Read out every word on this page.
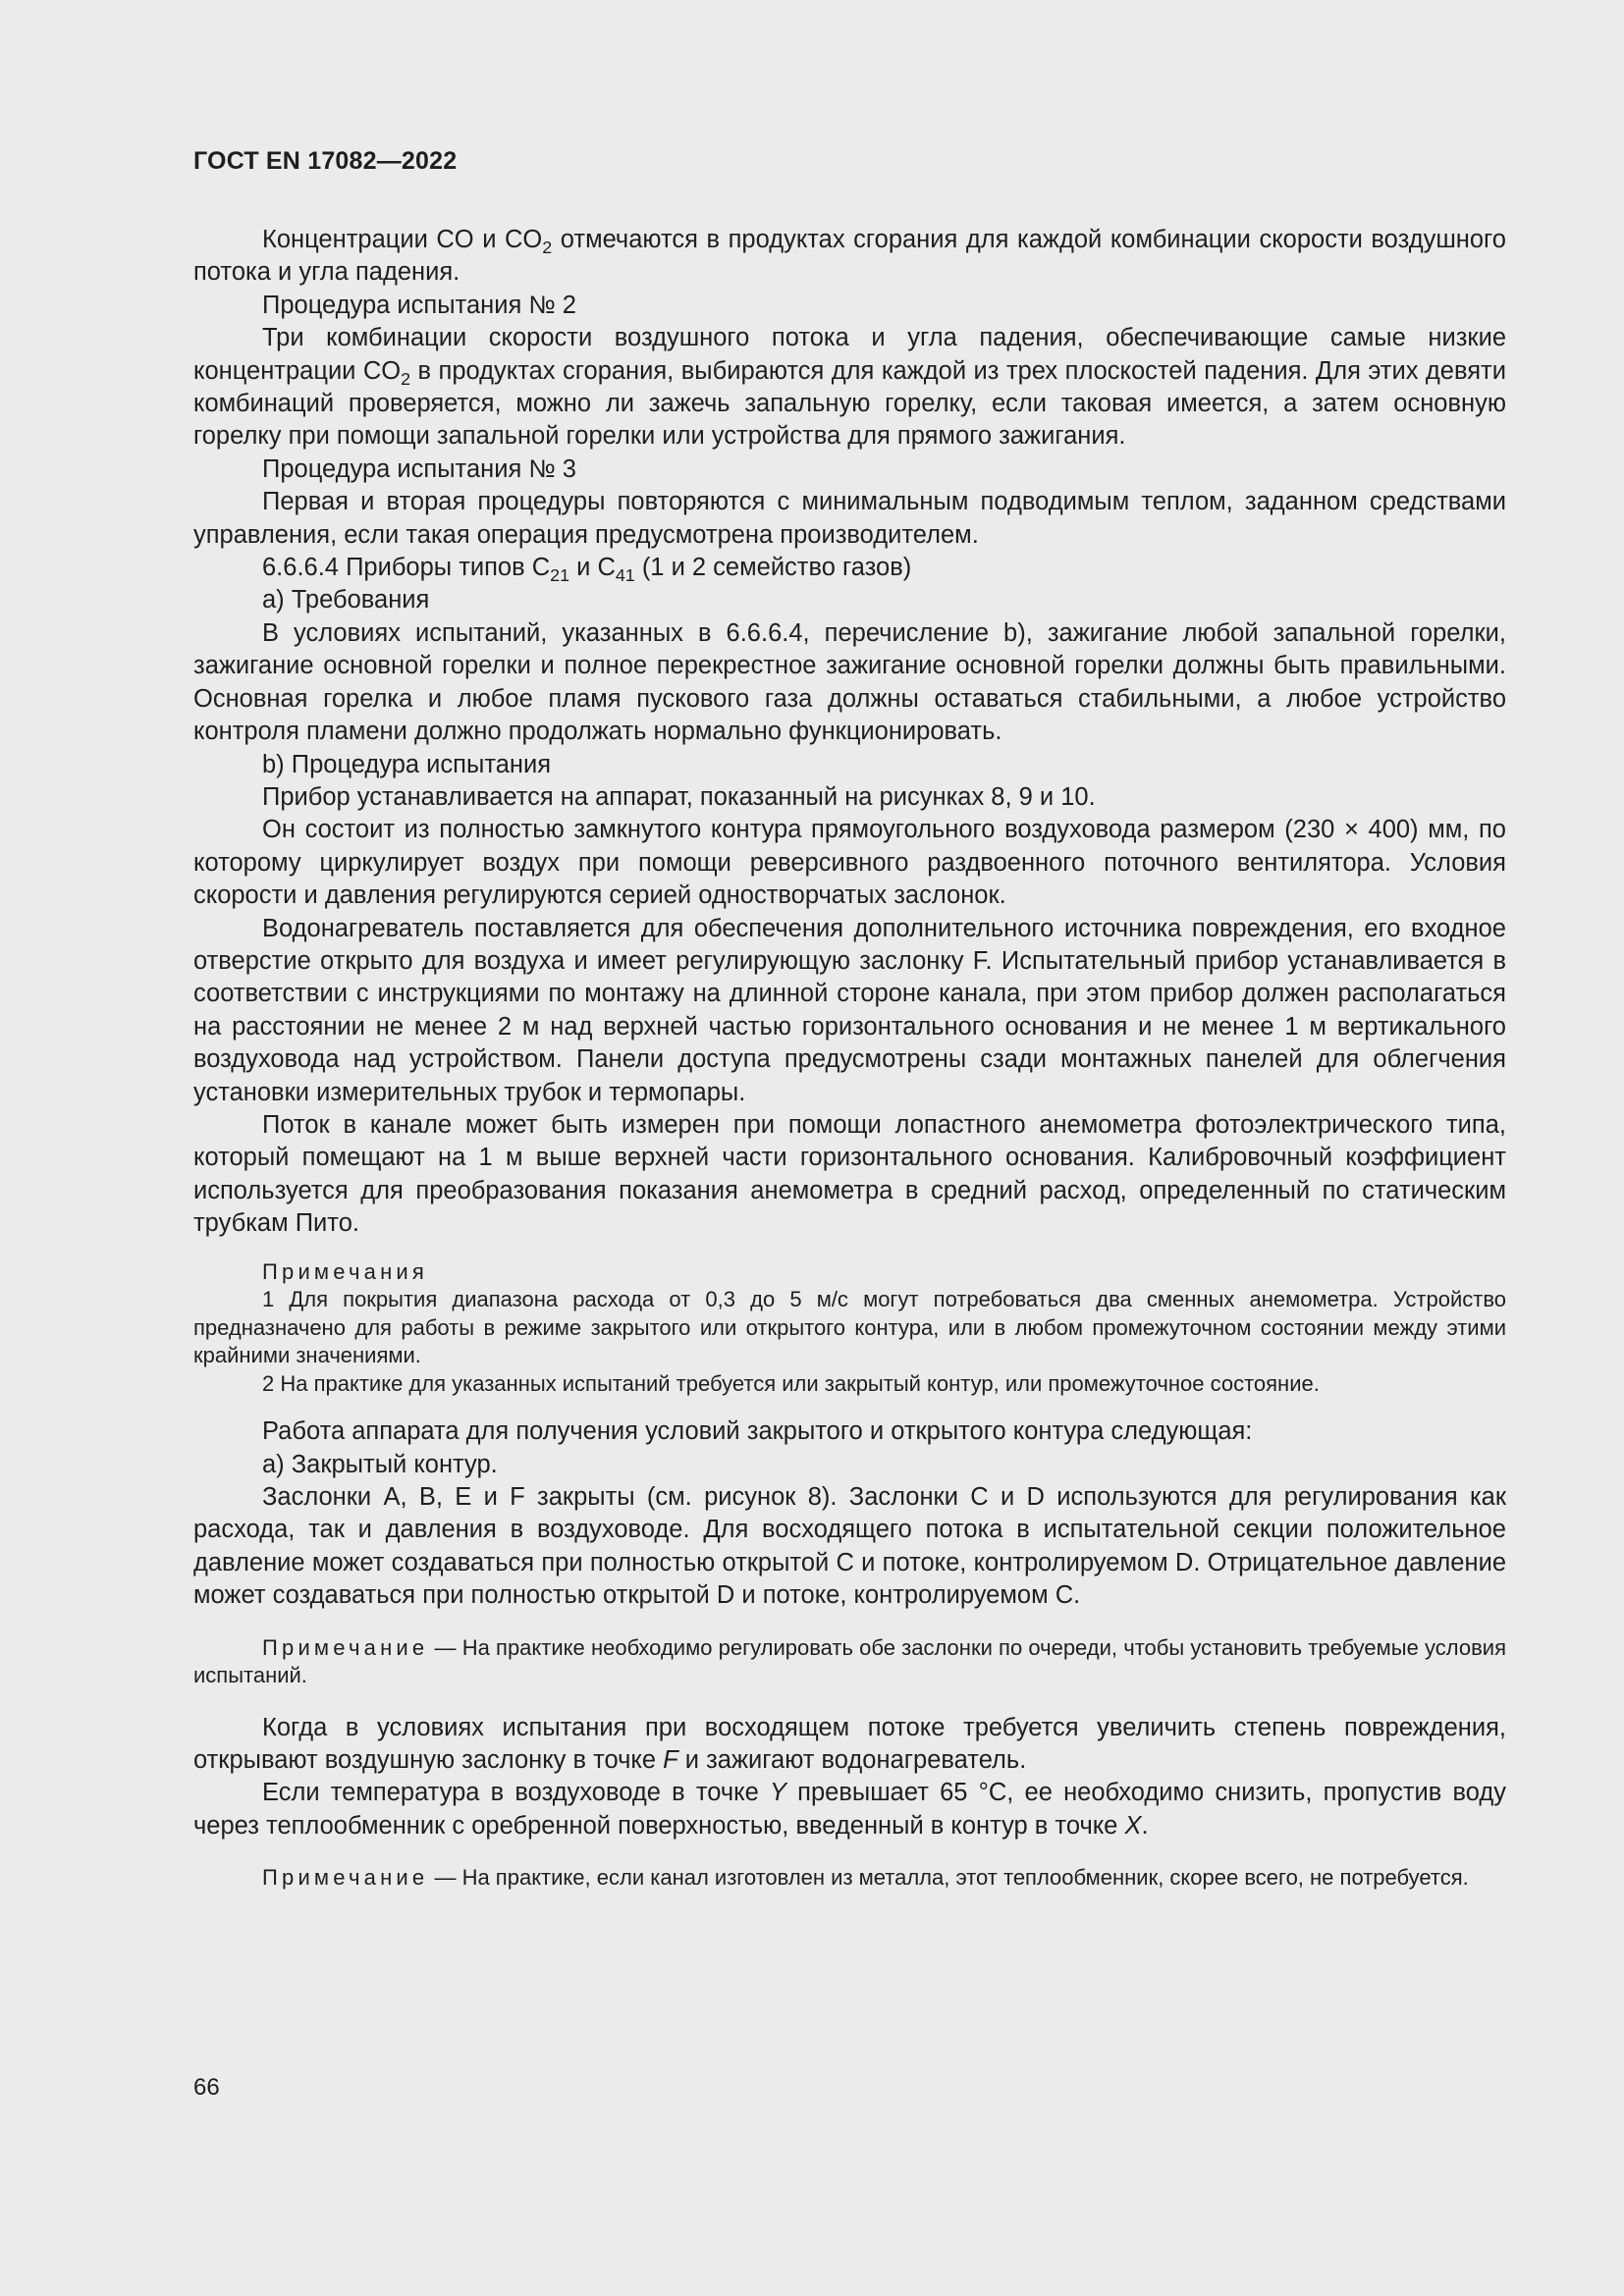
ГОСТ EN 17082—2022

Концентрации CO и $CO_2$ отмечаются в продуктах сгорания для каждой комбинации скорости воздушного потока и угла падения.

Процедура испытания № 2

Три комбинации скорости воздушного потока и угла падения, обеспечивающие самые низкие концентрации $CO_2$ в продуктах сгорания, выбираются для каждой из трех плоскостей падения. Для этих девяти комбинаций проверяется, можно ли зажечь запальную горелку, если таковая имеется, а затем основную горелку при помощи запальной горелки или устройства для прямого зажигания.

Процедура испытания № 3

Первая и вторая процедуры повторяются с минимальным подводимым теплом, заданном средствами управления, если такая операция предусмотрена производителем.

6.6.6.4 Приборы типов $C_{21}$ и $C_{41}$ (1 и 2 семейство газов)

а) Требования

В условиях испытаний, указанных в 6.6.6.4, перечисление b), зажигание любой запальной горелки, зажигание основной горелки и полное перекрестное зажигание основной горелки должны быть правильными. Основная горелка и любое пламя пускового газа должны оставаться стабильными, а любое устройство контроля пламени должно продолжать нормально функционировать.

b) Процедура испытания

Прибор устанавливается на аппарат, показанный на рисунках 8, 9 и 10.

Он состоит из полностью замкнутого контура прямоугольного воздуховода размером (230 × 400) мм, по которому циркулирует воздух при помощи реверсивного раздвоенного поточного вентилятора. Условия скорости и давления регулируются серией одностворчатых заслонок.

Водонагреватель поставляется для обеспечения дополнительного источника повреждения, его входное отверстие открыто для воздуха и имеет регулирующую заслонку F. Испытательный прибор устанавливается в соответствии с инструкциями по монтажу на длинной стороне канала, при этом прибор должен располагаться на расстоянии не менее 2 м над верхней частью горизонтального основания и не менее 1 м вертикального воздуховода над устройством. Панели доступа предусмотрены сзади монтажных панелей для облегчения установки измерительных трубок и термопары.

Поток в канале может быть измерен при помощи лопастного анемометра фотоэлектрического типа, который помещают на 1 м выше верхней части горизонтального основания. Калибровочный коэффициент используется для преобразования показания анемометра в средний расход, определенный по статическим трубкам Пито.

Примечания

1 Для покрытия диапазона расхода от 0,3 до 5 м/с могут потребоваться два сменных анемометра. Устройство предназначено для работы в режиме закрытого или открытого контура, или в любом промежуточном состоянии между этими крайними значениями.

2 На практике для указанных испытаний требуется или закрытый контур, или промежуточное состояние.

Работа аппарата для получения условий закрытого и открытого контура следующая:

а) Закрытый контур.

Заслонки A, B, E и F закрыты (см. рисунок 8). Заслонки C и D используются для регулирования как расхода, так и давления в воздуховоде. Для восходящего потока в испытательной секции положительное давление может создаваться при полностью открытой C и потоке, контролируемом D. Отрицательное давление может создаваться при полностью открытой D и потоке, контролируемом C.

Примечание — На практике необходимо регулировать обе заслонки по очереди, чтобы установить требуемые условия испытаний.

Когда в условиях испытания при восходящем потоке требуется увеличить степень повреждения, открывают воздушную заслонку в точке F и зажигают водонагреватель.

Если температура в воздуховоде в точке Y превышает 65 °C, ее необходимо снизить, пропустив воду через теплообменник с оребренной поверхностью, введенный в контур в точке X.

Примечание — На практике, если канал изготовлен из металла, этот теплообменник, скорее всего, не потребуется.

66
